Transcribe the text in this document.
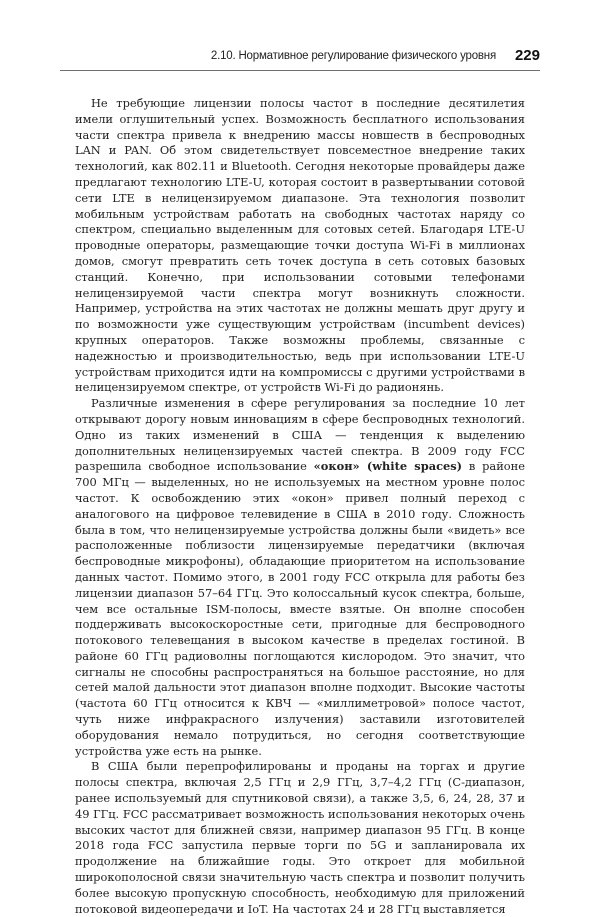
2.10. Нормативное регулирование физического уровня 229

Не требующие лицензии полосы частот в последние десятилетия имели оглушительный успех. Возможность бесплатного использования части спектра привела к внедрению массы новшеств в беспроводных LAN и PAN. Об этом свидетельствует повсеместное внедрение таких технологий, как 802.11 и Bluetooth. Сегодня некоторые провайдеры даже предлагают технологию LTE-U, которая состоит в развертывании сотовой сети LTE в нелицензируемом диапазоне. Эта технология позволит мобильным устройствам работать на свободных частотах наряду со спектром, специально выделенным для сотовых сетей. Благодаря LTE-U проводные операторы, размещающие точки доступа Wi-Fi в миллионах домов, смогут превратить сеть точек доступа в сеть сотовых базовых станций. Конечно, при использовании сотовыми телефонами нелицензируемой части спектра могут возникнуть сложности. Например, устройства на этих частотах не должны мешать друг другу и по возможности уже существующим устройствам (incumbent devices) крупных операторов. Также возможны проблемы, связанные с надежностью и производительностью, ведь при использовании LTE-U устройствам приходится идти на компромиссы с другими устройствами в нелицензируемом спектре, от устройств Wi-Fi до радионянь.

Различные изменения в сфере регулирования за последние 10 лет открывают дорогу новым инновациям в сфере беспроводных технологий. Одно из таких изменений в США — тенденция к выделению дополнительных нелицензируемых частей спектра. В 2009 году FCC разрешила свободное использование «окон» (white spaces) в районе 700 МГц — выделенных, но не используемых на местном уровне полос частот. К освобождению этих «окон» привел полный переход с аналогового на цифровое телевидение в США в 2010 году. Сложность была в том, что нелицензируемые устройства должны были «видеть» все расположенные поблизости лицензируемые передатчики (включая беспроводные микрофоны), обладающие приоритетом на использование данных частот. Помимо этого, в 2001 году FCC открыла для работы без лицензии диапазон 57–64 ГГц. Это колоссальный кусок спектра, больше, чем все остальные ISM-полосы, вместе взятые. Он вполне способен поддерживать высокоскоростные сети, пригодные для беспроводного потокового телевещания в высоком качестве в пределах гостиной. В районе 60 ГГц радиоволны поглощаются кислородом. Это значит, что сигналы не способны распространяться на большое расстояние, но для сетей малой дальности этот диапазон вполне подходит. Высокие частоты (частота 60 ГГц относится к КВЧ — «миллиметровой» полосе частот, чуть ниже инфракрасного излучения) заставили изготовителей оборудования немало потрудиться, но сегодня соответствующие устройства уже есть на рынке.

В США были перепрофилированы и проданы на торгах и другие полосы спектра, включая 2,5 ГГц и 2,9 ГГц, 3,7–4,2 ГГц (C-диапазон, ранее используемый для спутниковой связи), а также 3,5, 6, 24, 28, 37 и 49 ГГц. FCC рассматривает возможность использования некоторых очень высоких частот для ближней связи, например диапазон 95 ГГц. В конце 2018 года FCC запустила первые торги по 5G и запланировала их продолжение на ближайшие годы. Это откроет для мобильной широкополосной связи значительную часть спектра и позволит получить более высокую пропускную способность, необходимую для приложений потоковой видеопередачи и IoT. На частотах 24 и 28 ГГц выставляется
